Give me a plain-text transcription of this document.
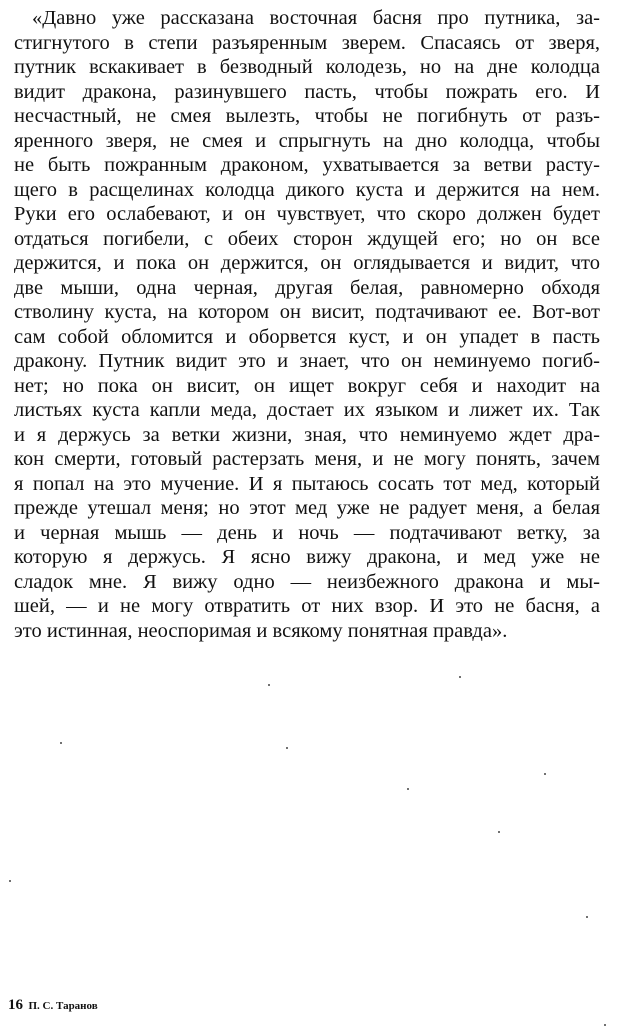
«Давно уже рассказана восточная басня про путника, за-
стигнутого в степи разъяренным зверем. Спасаясь от зверя,
путник вскакивает в безводный колодезь, но на дне колодца
видит дракона, разинувшего пасть, чтобы пожрать его. И
несчастный, не смея вылезть, чтобы не погибнуть от разъ-
яренного зверя, не смея и спрыгнуть на дно колодца, чтобы
не быть пожранным драконом, ухватывается за ветви расту-
щего в расщелинах колодца дикого куста и держится на нем.
Руки его ослабевают, и он чувствует, что скоро должен будет
отдаться погибели, с обеих сторон ждущей его; но он все
держится, и пока он держится, он оглядывается и видит, что
две мыши, одна черная, другая белая, равномерно обходя
стволину куста, на котором он висит, подтачивают ее. Вот-вот
сам собой обломится и оборвется куст, и он упадет в пасть
дракону. Путник видит это и знает, что он неминуемо погиб-
нет; но пока он висит, он ищет вокруг себя и находит на
листьях куста капли меда, достает их языком и лижет их. Так
и я держусь за ветки жизни, зная, что неминуемо ждет дра-
кон смерти, готовый растерзать меня, и не могу понять, зачем
я попал на это мучение. И я пытаюсь сосать тот мед, который
прежде утешал меня; но этот мед уже не радует меня, а белая
и черная мышь — день и ночь — подтачивают ветку, за
которую я держусь. Я ясно вижу дракона, и мед уже не
сладок мне. Я вижу одно — неизбежного дракона и мы-
шей, — и не могу отвратить от них взор. И это не басня, а
это истинная, неоспоримая и всякому понятная правда».
16 П. С. Таранов
